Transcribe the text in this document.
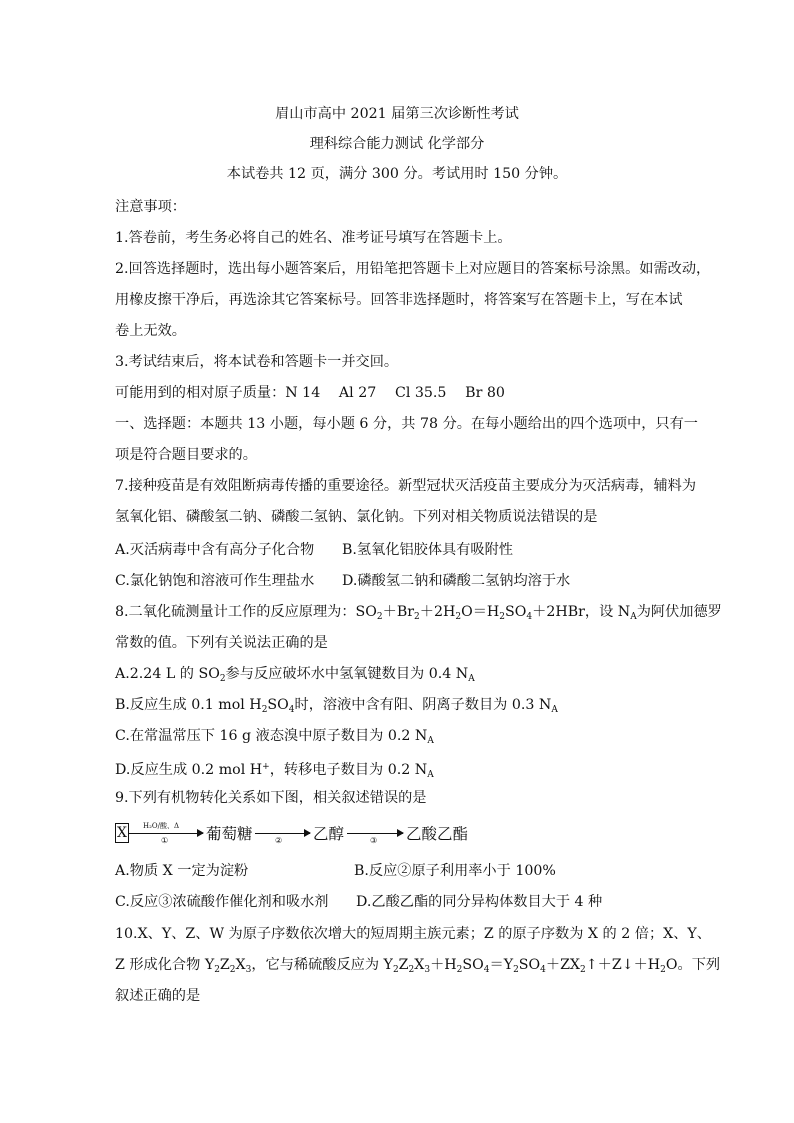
眉山市高中 2021 届第三次诊断性考试
理科综合能力测试 化学部分
本试卷共 12 页，满分 300 分。考试用时 150 分钟。
注意事项：
1.答卷前，考生务必将自己的姓名、准考证号填写在答题卡上。
2.回答选择题时，选出每小题答案后，用铅笔把答题卡上对应题目的答案标号涂黑。如需改动，
用橡皮擦干净后，再选涂其它答案标号。回答非选择题时，将答案写在答题卡上，写在本试
卷上无效。
3.考试结束后，将本试卷和答题卡一并交回。
可能用到的相对原子质量：N 14　 Al 27　 Cl 35.5　 Br 80
一、选择题：本题共 13 小题，每小题 6 分，共 78 分。在每小题给出的四个选项中，只有一
项是符合题目要求的。
7.接种疫苗是有效阻断病毒传播的重要途径。新型冠状灭活疫苗主要成分为灭活病毒，辅料为
氢氧化铝、磷酸氢二钠、磷酸二氢钠、氯化钠。下列对相关物质说法错误的是
A.灭活病毒中含有高分子化合物 B.氢氧化铝胶体具有吸附性
C.氯化钠饱和溶液可作生理盐水 D.磷酸氢二钠和磷酸二氢钠均溶于水
8.二氧化硫测量计工作的反应原理为：$SO_2+Br_2+2H_2O=H_2SO_4+2HBr$，设 $N_A$为阿伏加德罗
常数的值。下列有关说法正确的是
A.2.24 L 的 $SO_2$参与反应破坏水中氢氧键数目为 0.4 $N_A$
B.反应生成 0.1 mol $H_2SO_4$时，溶液中含有阳、阴离子数目为 0.3 $N_A$
C.在常温常压下 16 g 液态溴中原子数目为 0.2 $N_A$
D.反应生成 0.2 mol H+，转移电子数目为 0.2 $N_A$
9.下列有机物转化关系如下图，相关叙述错误的是
X H₂O/酸、Δ
① 葡萄糖 →
② 乙醇 →
③ 乙酸乙酯
A.物质 X 一定为淀粉	B.反应②原子利用率小于 100%
C.反应③浓硫酸作催化剂和吸水剂 D.乙酸乙酯的同分异构体数目大于 4 种
10.X、Y、Z、W 为原子序数依次增大的短周期主族元素；Z 的原子序数为 X 的 2 倍；X、Y、
Z 形成化合物 $Y_2Z_2X_3$，它与稀硫酸反应为 $Y_2Z_2X_3+H_2SO_4=Y_2SO_4+ZX_2↑+Z↓+H_2O$。下列
叙述正确的是
